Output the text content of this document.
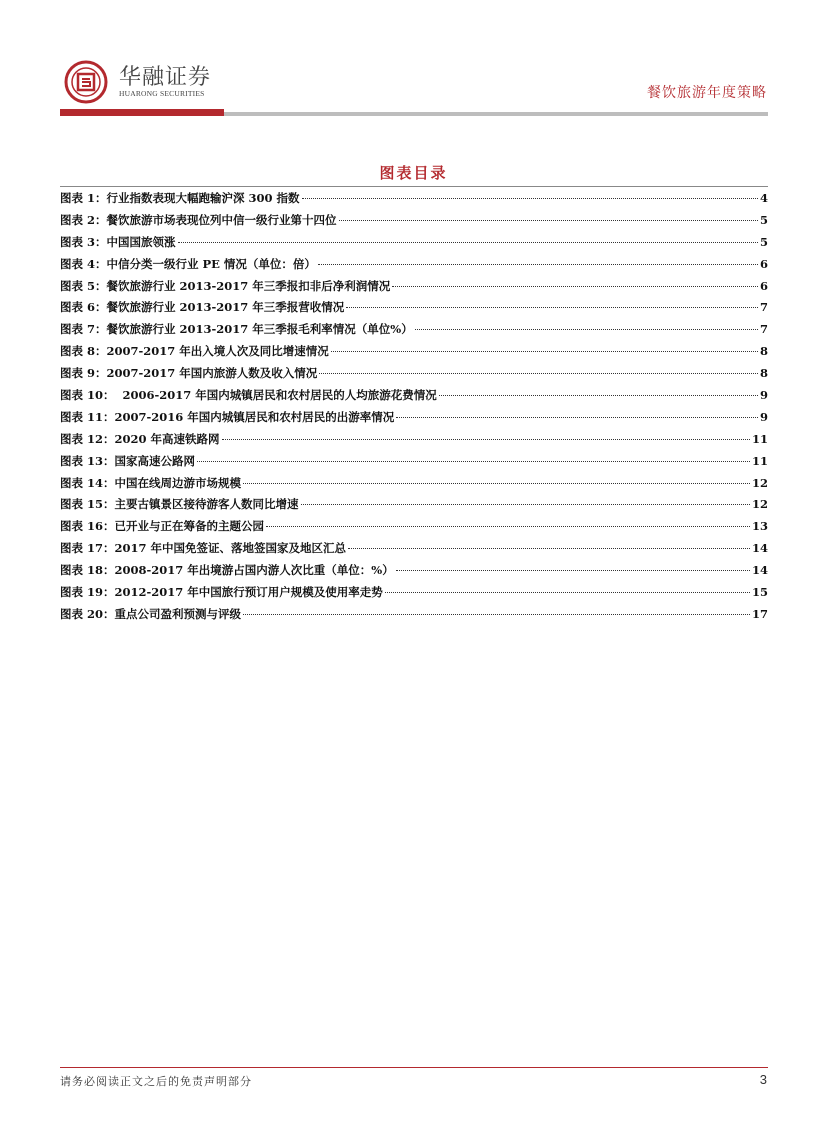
华融证券
HUARONG SECURITIES	餐饮旅游年度策略
图表目录
图表 1：行业指数表现大幅跑输沪深 300 指数	4
图表 2：餐饮旅游市场表现位列中信一级行业第十四位	5
图表 3：中国国旅领涨	5
图表 4：中信分类一级行业 PE 情况（单位：倍）	6
图表 5：餐饮旅游行业 2013-2017 年三季报扣非后净利润情况	6
图表 6：餐饮旅游行业 2013-2017 年三季报营收情况	7
图表 7：餐饮旅游行业 2013-2017 年三季报毛利率情况（单位%）	7
图表 8：2007-2017 年出入境人次及同比增速情况	8
图表 9：2007-2017 年国内旅游人数及收入情况	8
图表 10：  2006-2017 年国内城镇居民和农村居民的人均旅游花费情况	9
图表 11：2007-2016 年国内城镇居民和农村居民的出游率情况	9
图表 12：2020 年高速铁路网	11
图表 13：国家高速公路网	11
图表 14：中国在线周边游市场规模	12
图表 15：主要古镇景区接待游客人数同比增速	12
图表 16：已开业与正在筹备的主题公园	13
图表 17：2017 年中国免签证、落地签国家及地区汇总	14
图表 18：2008-2017 年出境游占国内游人次比重（单位：%）	14
图表 19：2012-2017 年中国旅行预订用户规模及使用率走势	15
图表 20：重点公司盈利预测与评级	17
请务必阅读正文之后的免责声明部分	3
